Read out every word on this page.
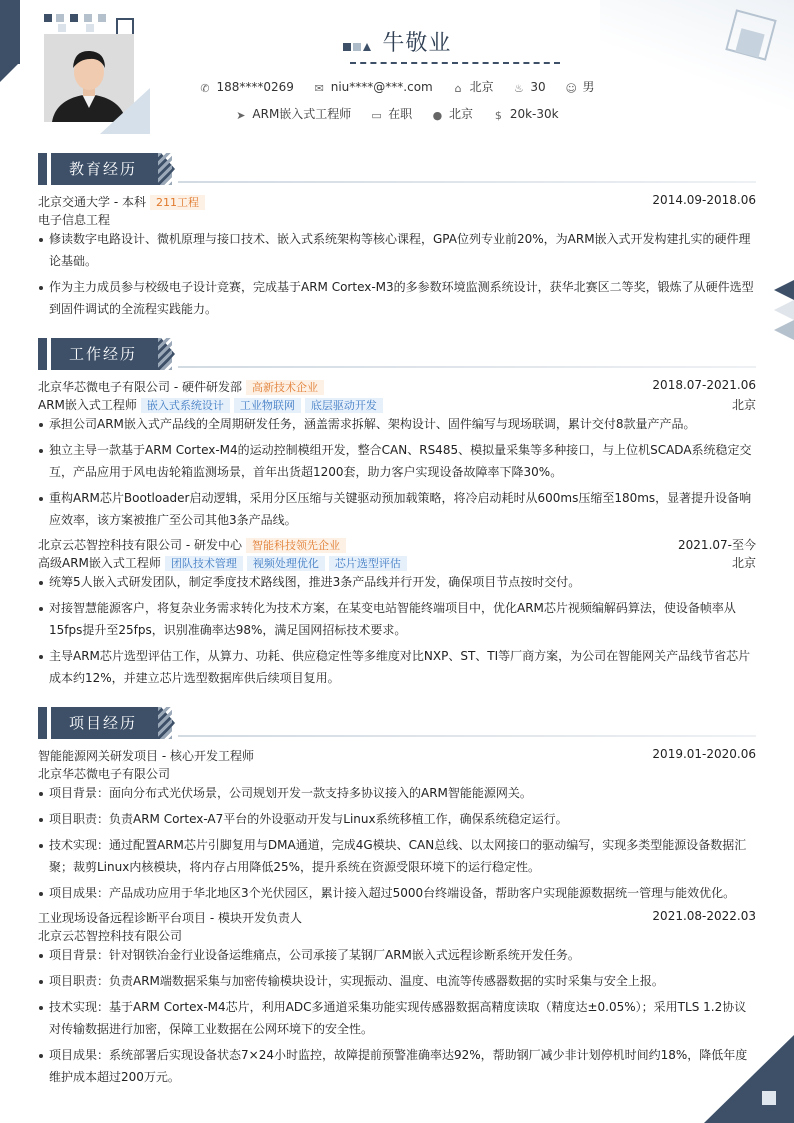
牛敬业
✆ 188****0269 ✉ niu****@***.com ⌂ 北京 ♨ 30 ☺ 男
➤ ARM嵌入式工程师 ▭ 在职 ● 北京 $ 20k-30k
教育经历
北京交通大学 - 本科 211工程	2014.09-2018.06
电子信息工程
修读数字电路设计、微机原理与接口技术、嵌入式系统架构等核心课程，GPA位列专业前20%，为ARM嵌入式开发构建扎实的硬件理论基础。
作为主力成员参与校级电子设计竞赛，完成基于ARM Cortex-M3的多参数环境监测系统设计，获华北赛区二等奖，锻炼了从硬件选型到固件调试的全流程实践能力。
工作经历
北京华芯微电子有限公司 - 硬件研发部 高新技术企业	2018.07-2021.06
ARM嵌入式工程师 嵌入式系统设计 工业物联网 底层驱动开发	北京
承担公司ARM嵌入式产品线的全周期研发任务，涵盖需求拆解、架构设计、固件编写与现场联调，累计交付8款量产产品。
独立主导一款基于ARM Cortex-M4的运动控制模组开发，整合CAN、RS485、模拟量采集等多种接口，与上位机SCADA系统稳定交互，产品应用于风电齿轮箱监测场景，首年出货超1200套，助力客户实现设备故障率下降30%。
重构ARM芯片Bootloader启动逻辑，采用分区压缩与关键驱动预加载策略，将冷启动耗时从600ms压缩至180ms，显著提升设备响应效率，该方案被推广至公司其他3条产品线。
北京云芯智控科技有限公司 - 研发中心 智能科技领先企业	2021.07-至今
高级ARM嵌入式工程师 团队技术管理 视频处理优化 芯片选型评估	北京
统筹5人嵌入式研发团队，制定季度技术路线图，推进3条产品线并行开发，确保项目节点按时交付。
对接智慧能源客户，将复杂业务需求转化为技术方案，在某变电站智能终端项目中，优化ARM芯片视频编解码算法，使设备帧率从15fps提升至25fps，识别准确率达98%，满足国网招标技术要求。
主导ARM芯片选型评估工作，从算力、功耗、供应稳定性等多维度对比NXP、ST、TI等厂商方案，为公司在智能网关产品线节省芯片成本约12%，并建立芯片选型数据库供后续项目复用。
项目经历
智能能源网关研发项目 - 核心开发工程师	2019.01-2020.06
北京华芯微电子有限公司
项目背景：面向分布式光伏场景，公司规划开发一款支持多协议接入的ARM智能能源网关。
项目职责：负责ARM Cortex-A7平台的外设驱动开发与Linux系统移植工作，确保系统稳定运行。
技术实现：通过配置ARM芯片引脚复用与DMA通道，完成4G模块、CAN总线、以太网接口的驱动编写，实现多类型能源设备数据汇聚；裁剪Linux内核模块，将内存占用降低25%，提升系统在资源受限环境下的运行稳定性。
项目成果：产品成功应用于华北地区3个光伏园区，累计接入超过5000台终端设备，帮助客户实现能源数据统一管理与能效优化。
工业现场设备远程诊断平台项目 - 模块开发负责人	2021.08-2022.03
北京云芯智控科技有限公司
项目背景：针对钢铁冶金行业设备运维痛点，公司承接了某钢厂ARM嵌入式远程诊断系统开发任务。
项目职责：负责ARM端数据采集与加密传输模块设计，实现振动、温度、电流等传感器数据的实时采集与安全上报。
技术实现：基于ARM Cortex-M4芯片，利用ADC多通道采集功能实现传感器数据高精度读取（精度达±0.05%）；采用TLS 1.2协议对传输数据进行加密，保障工业数据在公网环境下的安全性。
项目成果：系统部署后实现设备状态7×24小时监控，故障提前预警准确率达92%，帮助钢厂减少非计划停机时间约18%，降低年度维护成本超过200万元。
